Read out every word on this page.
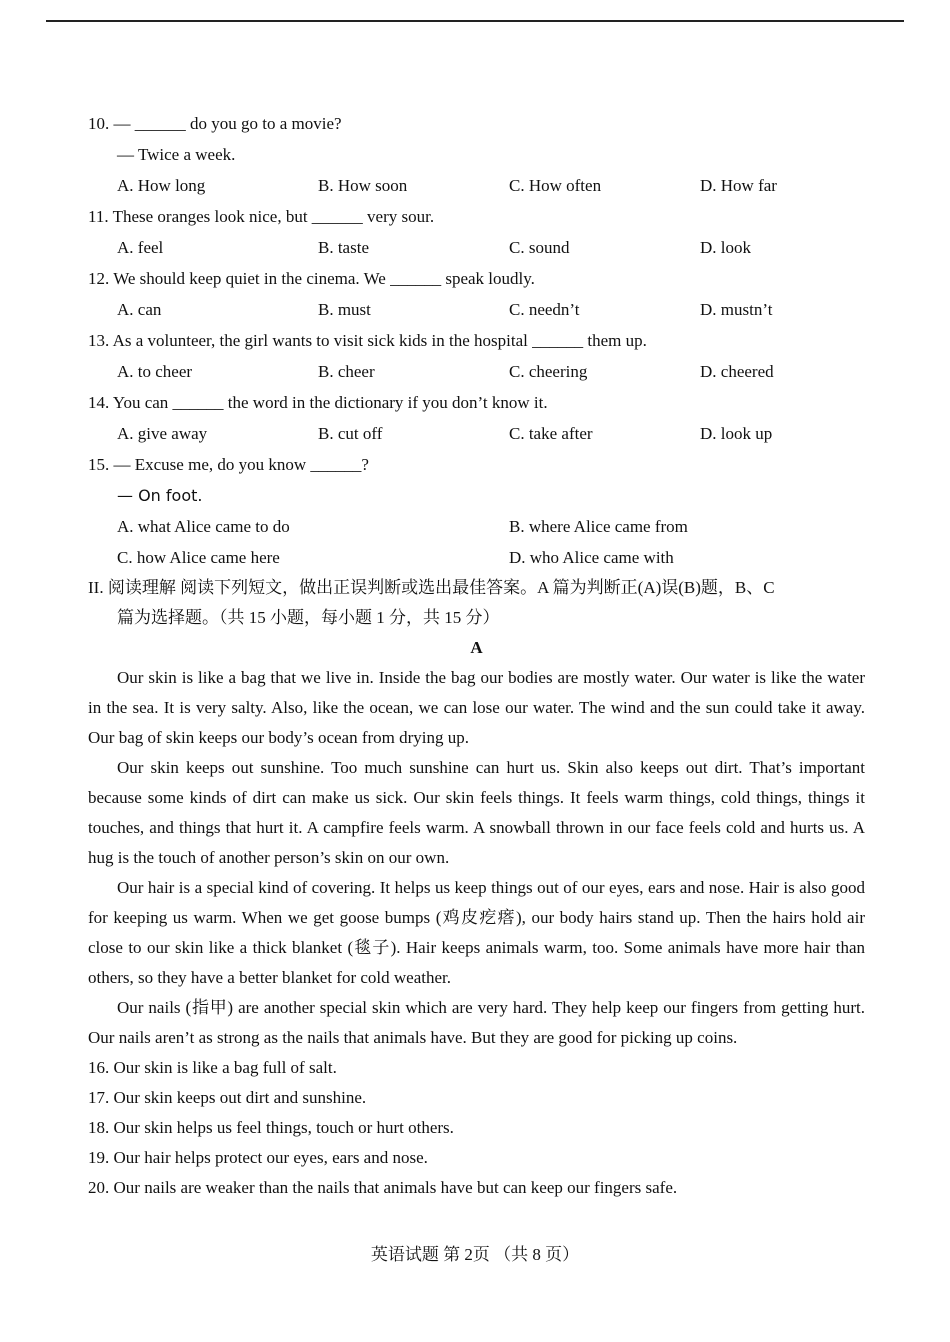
10. — ______ do you go to a movie?
— Twice a week.
A. How long	B. How soon	C. How often	D. How far
11. These oranges look nice, but ______ very sour.
A. feel	B. taste	C. sound	D. look
12. We should keep quiet in the cinema. We ______ speak loudly.
A. can	B. must	C. needn’t	D. mustn’t
13. As a volunteer, the girl wants to visit sick kids in the hospital ______ them up.
A. to cheer	B. cheer	C. cheering	D. cheered
14. You can ______ the word in the dictionary if you don’t know it.
A. give away	B. cut off	C. take after	D. look up
15. — Excuse me, do you know ______?
— On foot.
A. what Alice came to do	B. where Alice came from
C. how Alice came here	D. who Alice came with
II. 阅读理解 阅读下列短文，做出正误判断或选出最佳答案。A 篇为判断正(A)误(B)题，B、C
篇为选择题。（共 15 小题，每小题 1 分，共 15 分）
A

Our skin is like a bag that we live in. Inside the bag our bodies are mostly water. Our water is like the water in the sea. It is very salty. Also, like the ocean, we can lose our water. The wind and the sun could take it away. Our bag of skin keeps our body’s ocean from drying up.

Our skin keeps out sunshine. Too much sunshine can hurt us. Skin also keeps out dirt. That’s important because some kinds of dirt can make us sick. Our skin feels things. It feels warm things, cold things, things it touches, and things that hurt it. A campfire feels warm. A snowball thrown in our face feels cold and hurts us. A hug is the touch of another person’s skin on our own.

Our hair is a special kind of covering. It helps us keep things out of our eyes, ears and nose. Hair is also good for keeping us warm. When we get goose bumps (鸡皮疙瘩), our body hairs stand up. Then the hairs hold air close to our skin like a thick blanket (毯子). Hair keeps animals warm, too. Some animals have more hair than others, so they have a better blanket for cold weather.

Our nails (指甲) are another special skin which are very hard. They help keep our fingers from getting hurt. Our nails aren’t as strong as the nails that animals have. But they are good for picking up coins.

16. Our skin is like a bag full of salt.
17. Our skin keeps out dirt and sunshine.
18. Our skin helps us feel things, touch or hurt others.
19. Our hair helps protect our eyes, ears and nose.
20. Our nails are weaker than the nails that animals have but can keep our fingers safe.
英语试题 第 2页 （共 8 页）
